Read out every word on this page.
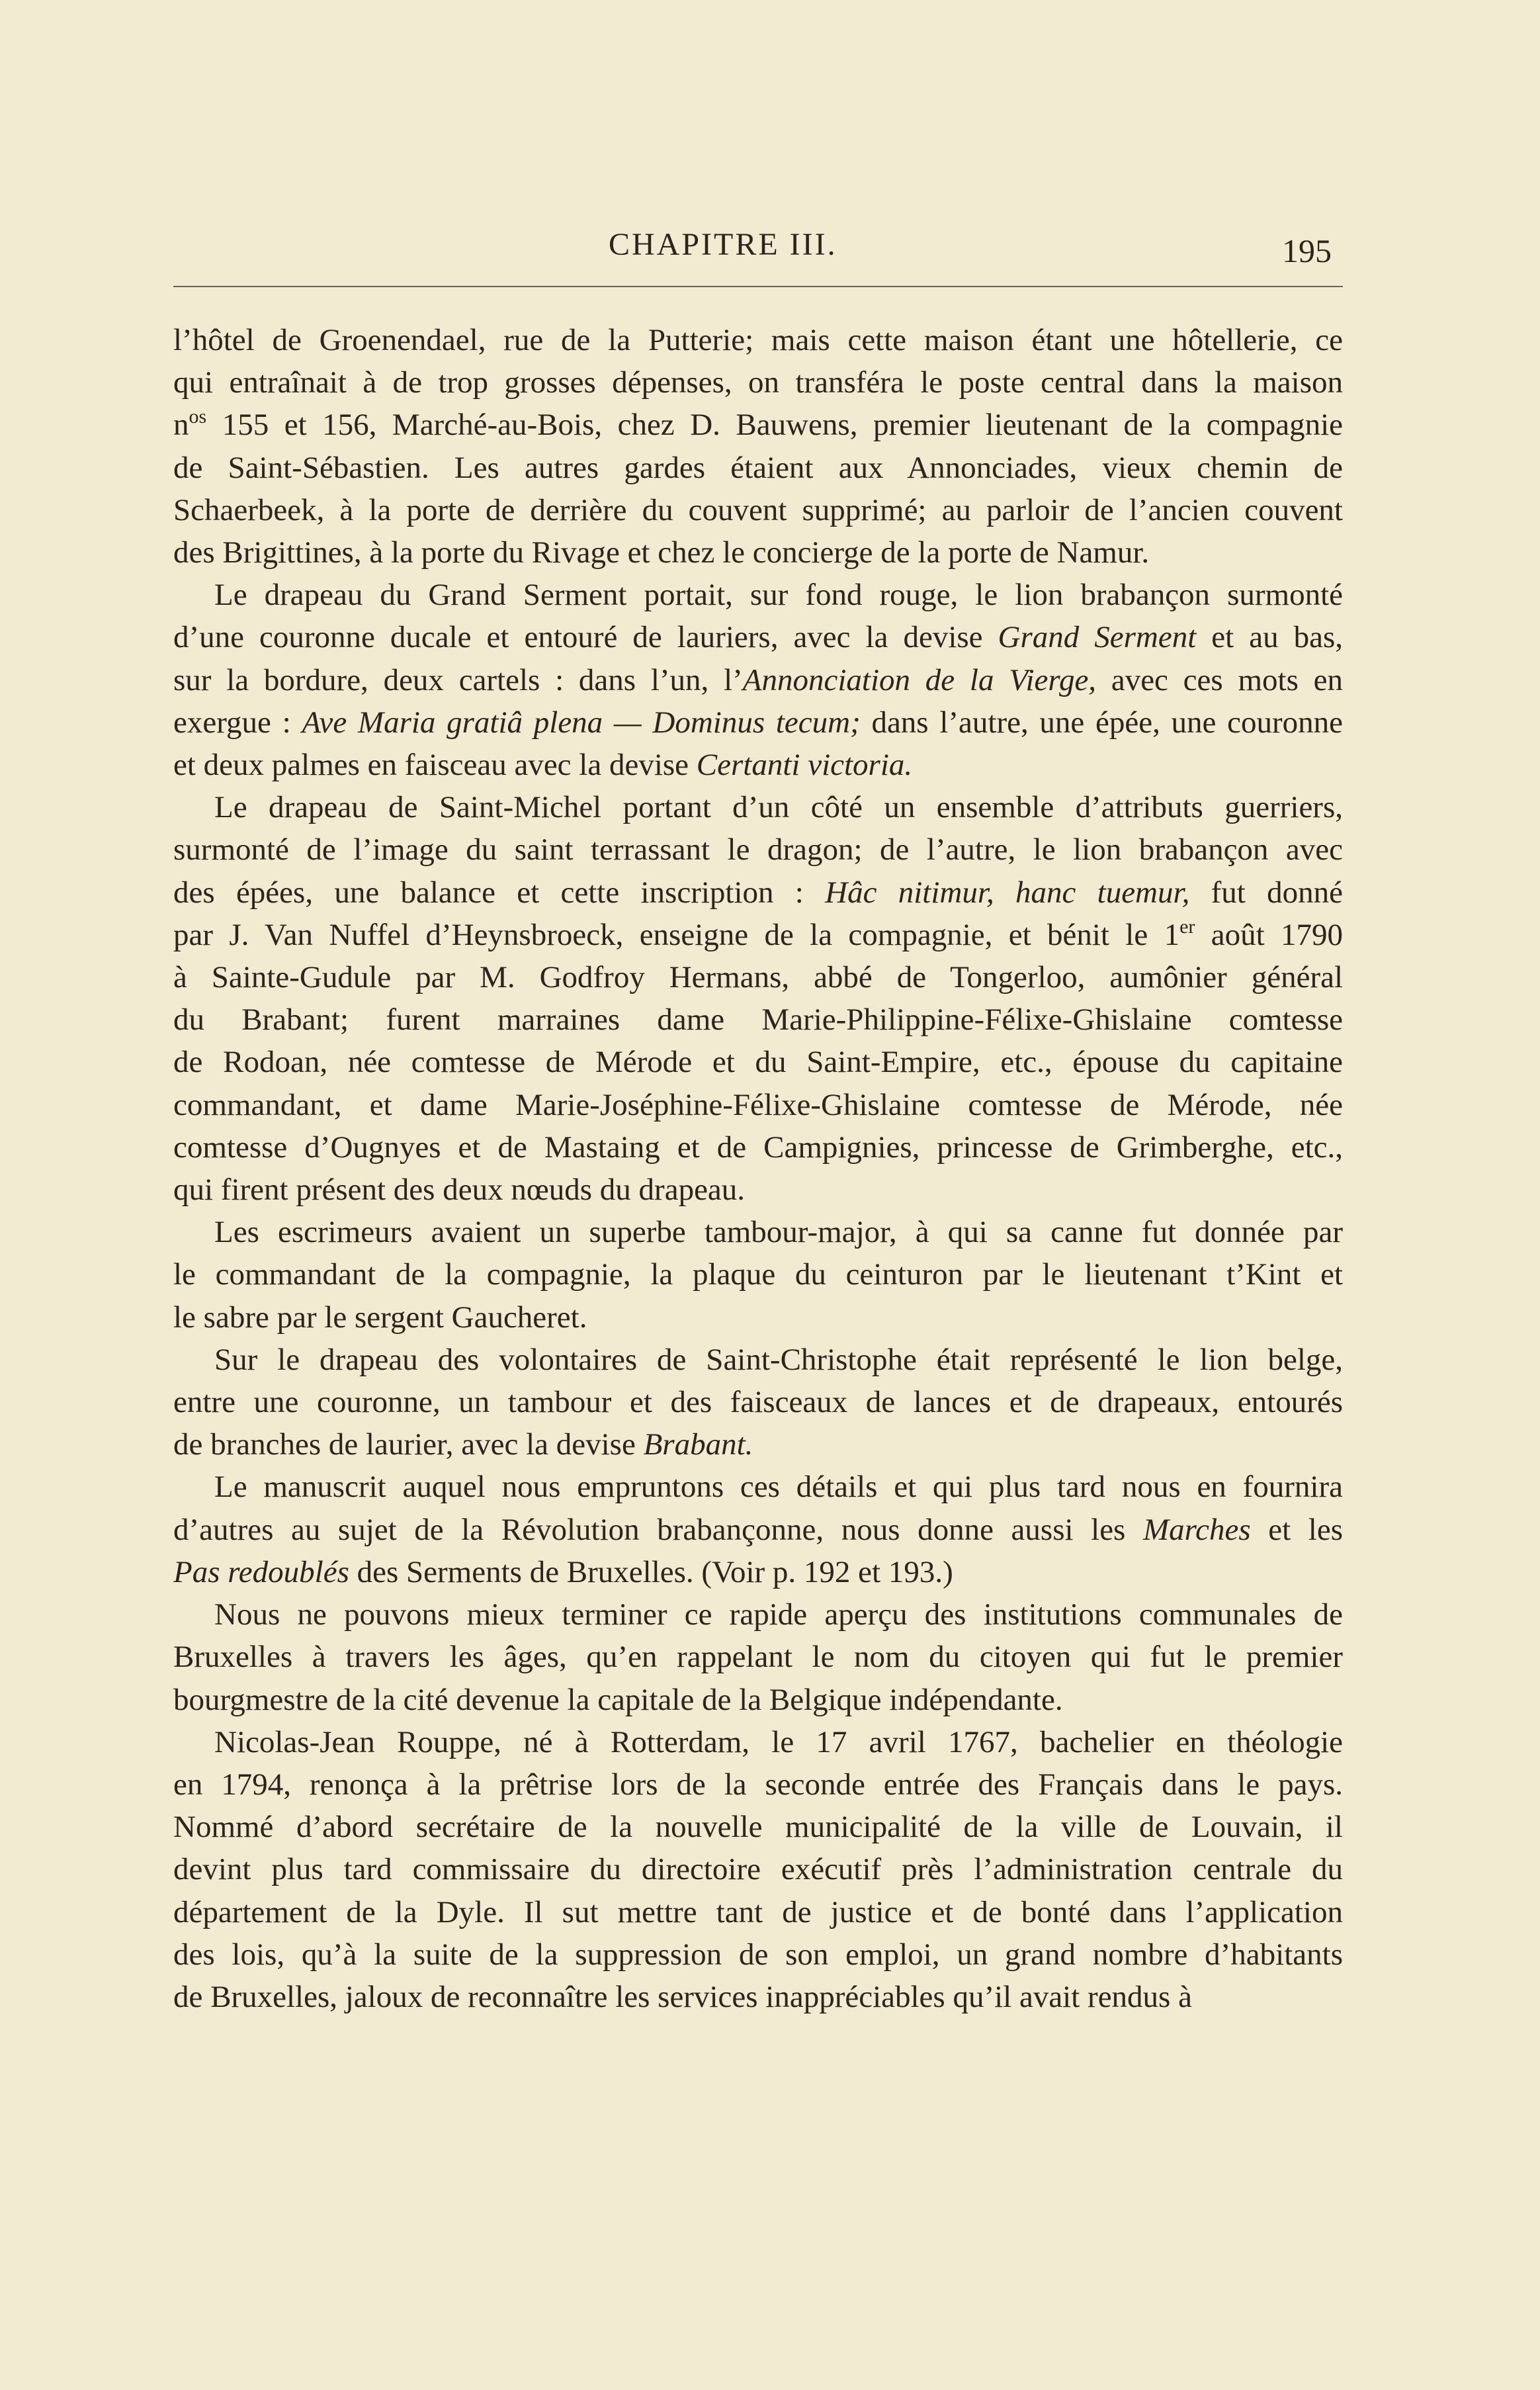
CHAPITRE III.	195
l’hôtel de Groenendael, rue de la Putterie; mais cette maison étant une hôtellerie, ce
qui entraînait à de trop grosses dépenses, on transféra le poste central dans la maison
$n^{os}$ 155 et 156, Marché-au-Bois, chez D. Bauwens, premier lieutenant de la compagnie
de Saint-Sébastien. Les autres gardes étaient aux Annonciades, vieux chemin de
Schaerbeek, à la porte de derrière du couvent supprimé; au parloir de l’ancien couvent
des Brigittines, à la porte du Rivage et chez le concierge de la porte de Namur.
Le drapeau du Grand Serment portait, sur fond rouge, le lion brabançon surmonté
d’une couronne ducale et entouré de lauriers, avec la devise Grand Serment et au bas,
sur la bordure, deux cartels : dans l’un, l’Annonciation de la Vierge, avec ces mots en
exergue : Ave Maria gratiâ plena — Dominus tecum; dans l’autre, une épée, une couronne
et deux palmes en faisceau avec la devise Certanti victoria.
Le drapeau de Saint-Michel portant d’un côté un ensemble d’attributs guerriers,
surmonté de l’image du saint terrassant le dragon; de l’autre, le lion brabançon avec
des épées, une balance et cette inscription : Hâc nitimur, hanc tuemur, fut donné
par J. Van Nuffel d’Heynsbroeck, enseigne de la compagnie, et bénit le 1er août 1790
à Sainte-Gudule par M. Godfroy Hermans, abbé de Tongerloo, aumônier général
du Brabant; furent marraines dame Marie-Philippine-Félixe-Ghislaine comtesse
de Rodoan, née comtesse de Mérode et du Saint-Empire, etc., épouse du capitaine
commandant, et dame Marie-Joséphine-Félixe-Ghislaine comtesse de Mérode, née
comtesse d’Ougnyes et de Mastaing et de Campignies, princesse de Grimberghe, etc.,
qui firent présent des deux nœuds du drapeau.
Les escrimeurs avaient un superbe tambour-major, à qui sa canne fut donnée par
le commandant de la compagnie, la plaque du ceinturon par le lieutenant t’Kint et
le sabre par le sergent Gaucheret.
Sur le drapeau des volontaires de Saint-Christophe était représenté le lion belge,
entre une couronne, un tambour et des faisceaux de lances et de drapeaux, entourés
de branches de laurier, avec la devise Brabant.
Le manuscrit auquel nous empruntons ces détails et qui plus tard nous en fournira
d’autres au sujet de la Révolution brabançonne, nous donne aussi les Marches et les
Pas redoublés des Serments de Bruxelles. (Voir p. 192 et 193.)
Nous ne pouvons mieux terminer ce rapide aperçu des institutions communales de
Bruxelles à travers les âges, qu’en rappelant le nom du citoyen qui fut le premier
bourgmestre de la cité devenue la capitale de la Belgique indépendante.
Nicolas-Jean Rouppe, né à Rotterdam, le 17 avril 1767, bachelier en théologie
en 1794, renonça à la prêtrise lors de la seconde entrée des Français dans le pays.
Nommé d’abord secrétaire de la nouvelle municipalité de la ville de Louvain, il
devint plus tard commissaire du directoire exécutif près l’administration centrale du
département de la Dyle. Il sut mettre tant de justice et de bonté dans l’application
des lois, qu’à la suite de la suppression de son emploi, un grand nombre d’habitants
de Bruxelles, jaloux de reconnaître les services inappréciables qu’il avait rendus à
